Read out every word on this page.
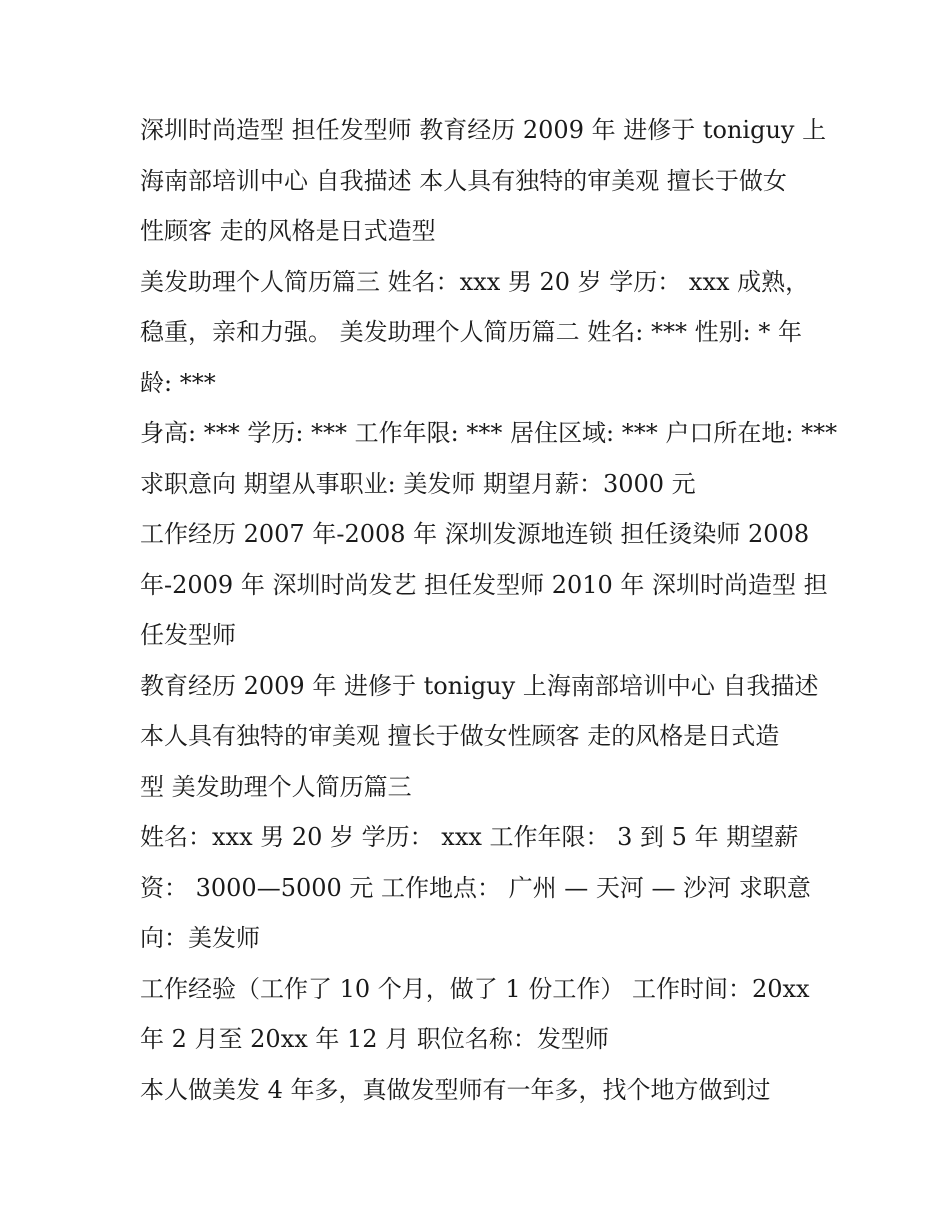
深圳时尚造型 担任发型师 教育经历 2009 年 进修于 toniguy 上
海南部培训中心 自我描述 本人具有独特的审美观 擅长于做女
性顾客 走的风格是日式造型
美发助理个人简历篇三 姓名：xxx 男 20 岁 学历： xxx 成熟，
稳重，亲和力强。 美发助理个人简历篇二 姓名: *** 性别: * 年
龄: ***
身高: *** 学历: *** 工作年限: *** 居住区域: *** 户口所在地: ***
求职意向 期望从事职业: 美发师 期望月薪：3000 元
工作经历 2007 年-2008 年 深圳发源地连锁 担任烫染师 2008
年-2009 年 深圳时尚发艺 担任发型师 2010 年 深圳时尚造型 担
任发型师
教育经历 2009 年 进修于 toniguy 上海南部培训中心 自我描述
本人具有独特的审美观 擅长于做女性顾客 走的风格是日式造
型 美发助理个人简历篇三
姓名：xxx 男 20 岁 学历： xxx 工作年限： 3 到 5 年 期望薪
资： 3000—5000 元 工作地点： 广州 — 天河 — 沙河 求职意
向：美发师
工作经验（工作了 10 个月，做了 1 份工作） 工作时间：20xx
年 2 月至 20xx 年 12 月 职位名称：发型师
本人做美发 4 年多，真做发型师有一年多，找个地方做到过
